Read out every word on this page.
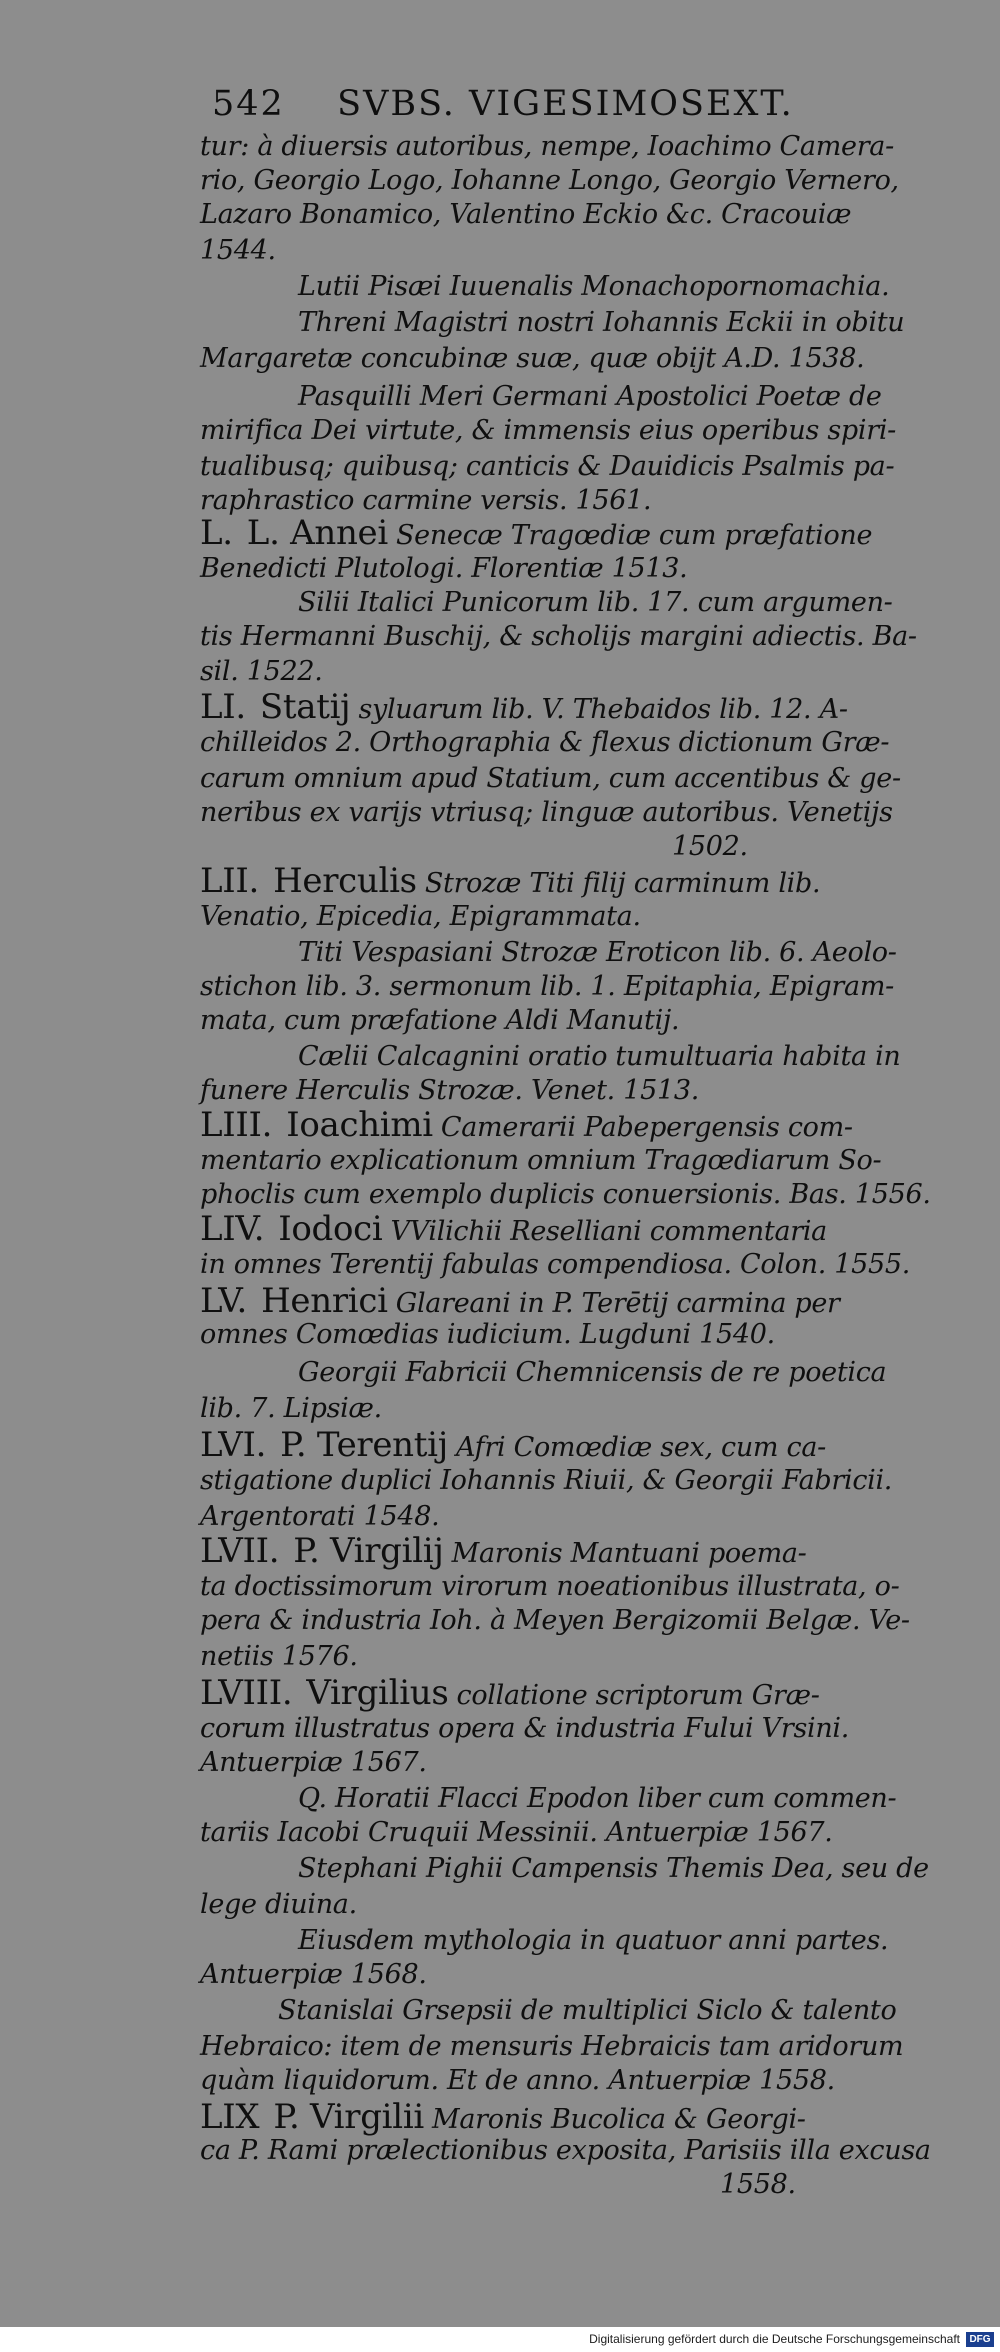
542 SVBS. VIGESIMOSEXT.
tur: à diuersis autoribus, nempe, Ioachimo Camera-
rio, Georgio Logo, Iohanne Longo, Georgio Vernero,
Lazaro Bonamico, Valentino Eckio &c. Cracouiæ
1544.
Lutii Pisæi Iuuenalis Monachopornomachia.
Threni Magistri nostri Iohannis Eckii in obitu
Margaretæ concubinæ suæ, quæ obijt A.D. 1538.
Pasquilli Meri Germani Apostolici Poetæ de
mirifica Dei virtute, & immensis eius operibus spiri-
tualibusq; quibusq; canticis & Dauidicis Psalmis pa-
raphrastico carmine versis. 1561.
L. L. Annei Senecæ Tragœdiæ cum præfatione
Benedicti Plutologi. Florentiæ 1513.
Silii Italici Punicorum lib. 17. cum argumen-
tis Hermanni Buschij, & scholijs margini adiectis. Ba-
sil. 1522.
LI. Statij syluarum lib. V. Thebaidos lib. 12. A-
chilleidos 2. Orthographia & flexus dictionum Græ-
carum omnium apud Statium, cum accentibus & ge-
neribus ex varijs vtriusq; linguæ autoribus. Venetijs
1502.
LII. Herculis Strozæ Titi filij carminum lib.
Venatio, Epicedia, Epigrammata.
Titi Vespasiani Strozæ Eroticon lib. 6. Aeolo-
stichon lib. 3. sermonum lib. 1. Epitaphia, Epigram-
mata, cum præfatione Aldi Manutij.
Cælii Calcagnini oratio tumultuaria habita in
funere Herculis Strozæ. Venet. 1513.
LIII. Ioachimi Camerarii Pabepergensis com-
mentario explicationum omnium Tragœdiarum So-
phoclis cum exemplo duplicis conuersionis. Bas. 1556.
LIV. Iodoci VVilichii Reselliani commentaria
in omnes Terentij fabulas compendiosa. Colon. 1555.
LV. Henrici Glareani in P. Terētij carmina per
omnes Comœdias iudicium. Lugduni 1540.
Georgii Fabricii Chemnicensis de re poetica
lib. 7. Lipsiæ.
LVI. P. Terentij Afri Comœdiæ sex, cum ca-
stigatione duplici Iohannis Riuii, & Georgii Fabricii.
Argentorati 1548.
LVII. P. Virgilij Maronis Mantuani poema-
ta doctissimorum virorum noeationibus illustrata, o-
pera & industria Ioh. à Meyen Bergizomii Belgæ. Ve-
netiis 1576.
LVIII. Virgilius collatione scriptorum Græ-
corum illustratus opera & industria Fului Vrsini.
Antuerpiæ 1567.
Q. Horatii Flacci Epodon liber cum commen-
tariis Iacobi Cruquii Messinii. Antuerpiæ 1567.
Stephani Pighii Campensis Themis Dea, seu de
lege diuina.
Eiusdem mythologia in quatuor anni partes.
Antuerpiæ 1568.
Stanislai Grsepsii de multiplici Siclo & talento
Hebraico: item de mensuris Hebraicis tam aridorum
quàm liquidorum. Et de anno. Antuerpiæ 1558.
LIX P. Virgilii Maronis Bucolica & Georgi-
ca P. Rami prælectionibus exposita, Parisiis illa excusa
1558.
Digitalisierung gefördert durch die Deutsche Forschungsgemeinschaft DFG
